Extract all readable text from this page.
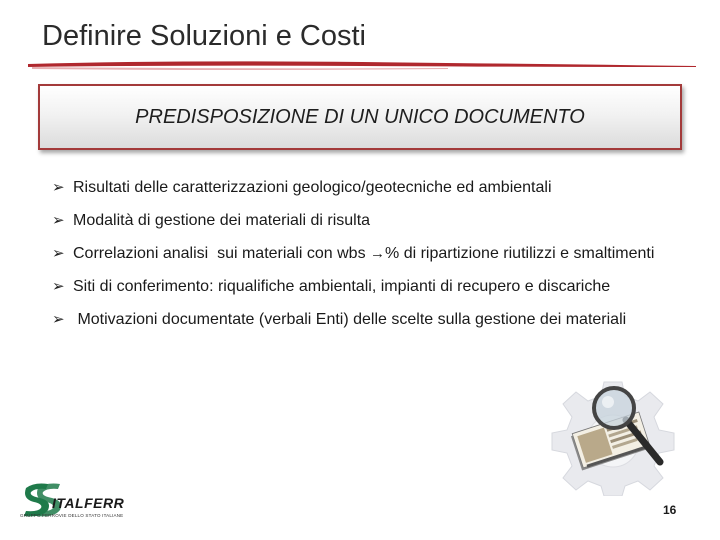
Definire Soluzioni e Costi
PREDISPOSIZIONE DI UN UNICO DOCUMENTO
➢ Risultati delle caratterizzazioni geologico/geotecniche ed ambientali
➢ Modalità di gestione dei materiali di risulta
➢ Correlazioni analisi  sui materiali con wbs →% di ripartizione riutilizzi e smaltimenti
➢ Siti di conferimento: riqualifiche ambientali, impianti di recupero e discariche
➢ Motivazioni documentate (verbali Enti) delle scelte sulla gestione dei materiali
ITALFERR
GRUPPO FERROVIE DELLO STATO ITALIANE	16
